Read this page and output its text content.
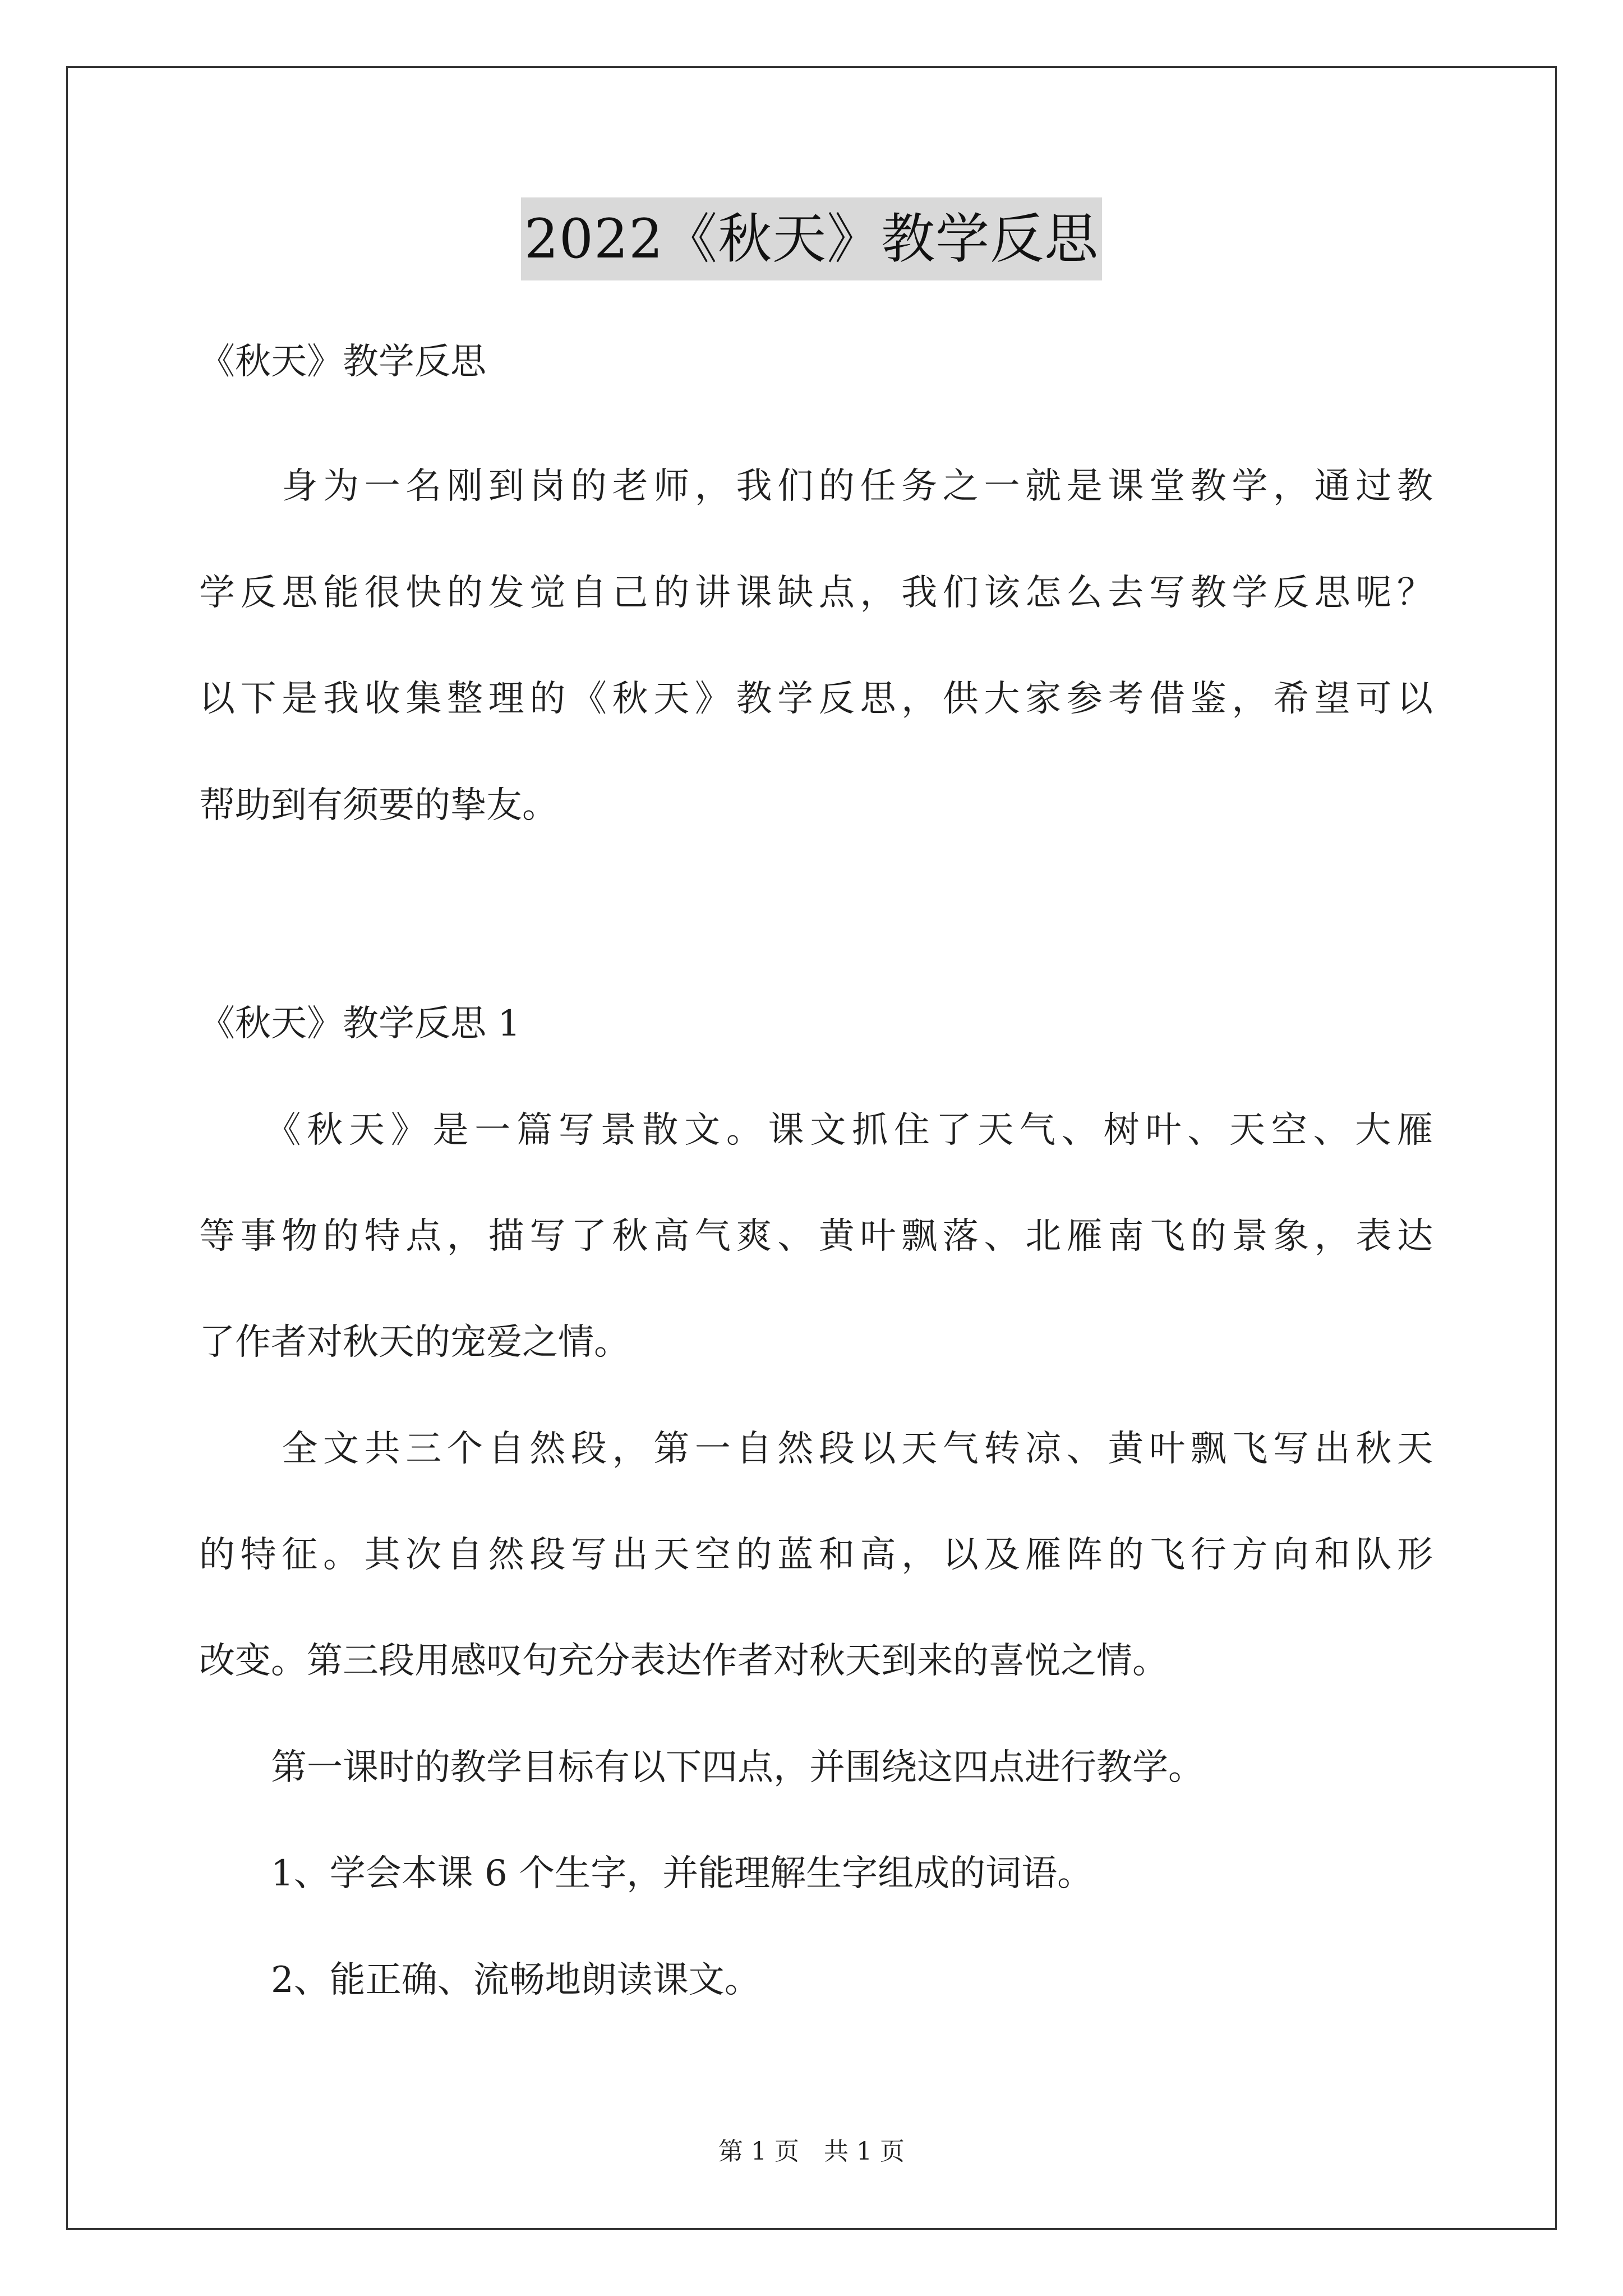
2022《秋天》教学反思

《秋天》教学反思

　　身为一名刚到岗的老师，我们的任务之一就是课堂教学，通过教

学反思能很快的发觉自己的讲课缺点，我们该怎么去写教学反思呢？

以下是我收集整理的《秋天》教学反思，供大家参考借鉴，希望可以

帮助到有须要的挚友。

《秋天》教学反思 1

　　《秋天》是一篇写景散文。课文抓住了天气、树叶、天空、大雁

等事物的特点，描写了秋高气爽、黄叶飘落、北雁南飞的景象，表达

了作者对秋天的宠爱之情。

　　全文共三个自然段，第一自然段以天气转凉、黄叶飘飞写出秋天

的特征。其次自然段写出天空的蓝和高，以及雁阵的飞行方向和队形

改变。第三段用感叹句充分表达作者对秋天到来的喜悦之情。

　　第一课时的教学目标有以下四点，并围绕这四点进行教学。

　　1、学会本课 6 个生字，并能理解生字组成的词语。

　　2、能正确、流畅地朗读课文。

第 1 页　共 1 页
